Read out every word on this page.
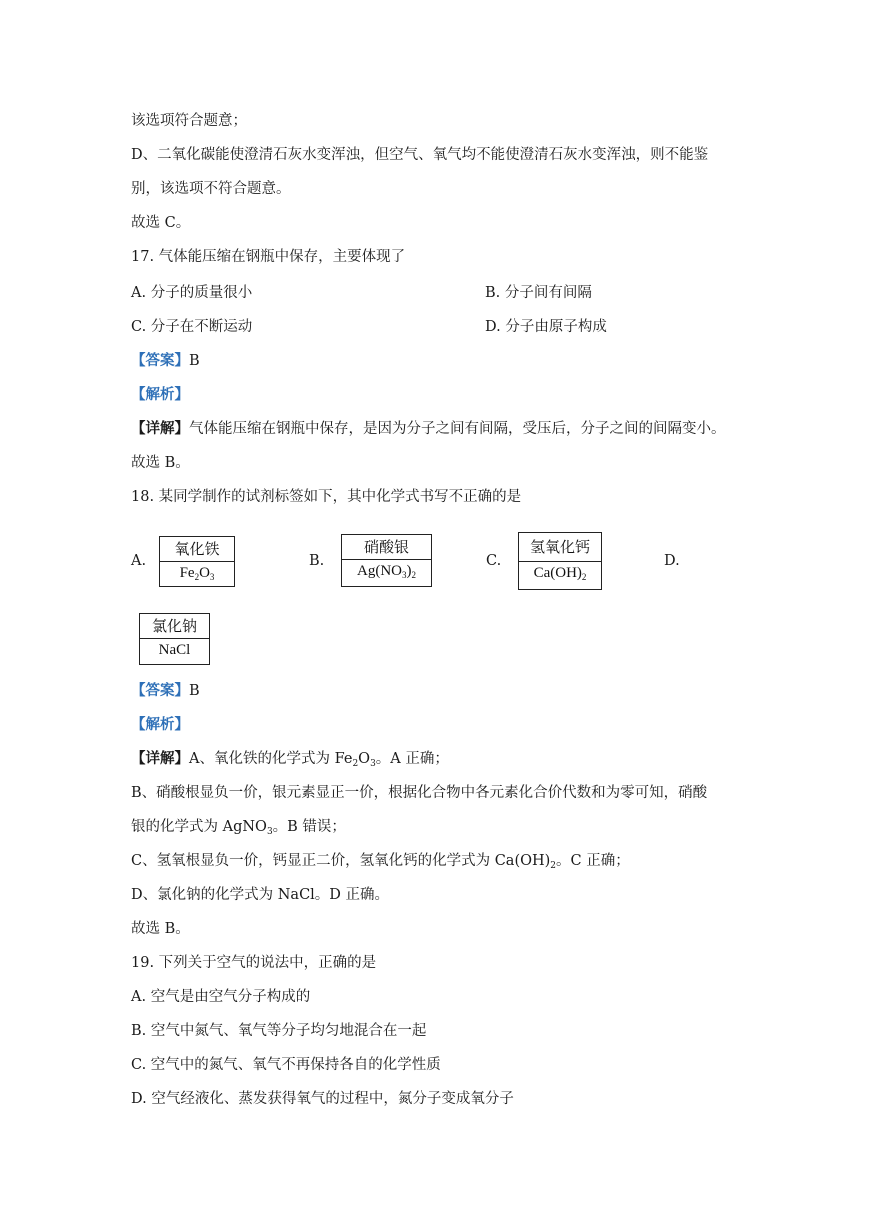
该选项符合题意；
D、二氧化碳能使澄清石灰水变浑浊，但空气、氧气均不能使澄清石灰水变浑浊，则不能鉴
别，该选项不符合题意。
故选 C。
17. 气体能压缩在钢瓶中保存，主要体现了
A. 分子的质量很小	B. 分子间有间隔
C. 分子在不断运动	D. 分子由原子构成
【答案】B
【解析】
【详解】气体能压缩在钢瓶中保存，是因为分子之间有间隔，受压后，分子之间的间隔变小。
故选 B。
18. 某同学制作的试剂标签如下，其中化学式书写不正确的是
A.
氧化铁
$Fe_2O_3$
B.
硝酸银
$Ag(NO_3)_2$
C.
氢氧化钙
$Ca(OH)_2$
D.
氯化钠
NaCl
【答案】B
【解析】
【详解】A、氧化铁的化学式为 $Fe_2O_3$。A 正确；
B、硝酸根显负一价，银元素显正一价，根据化合物中各元素化合价代数和为零可知，硝酸
银的化学式为 AgNO$_3$。B 错误；
C、氢氧根显负一价，钙显正二价，氢氧化钙的化学式为 $Ca(OH)_2$。C 正确；
D、氯化钠的化学式为 NaCl。D 正确。
故选 B。
19. 下列关于空气的说法中，正确的是
A. 空气是由空气分子构成的
B. 空气中氮气、氧气等分子均匀地混合在一起
C. 空气中的氮气、氧气不再保持各自的化学性质
D. 空气经液化、蒸发获得氧气的过程中，氮分子变成氧分子
